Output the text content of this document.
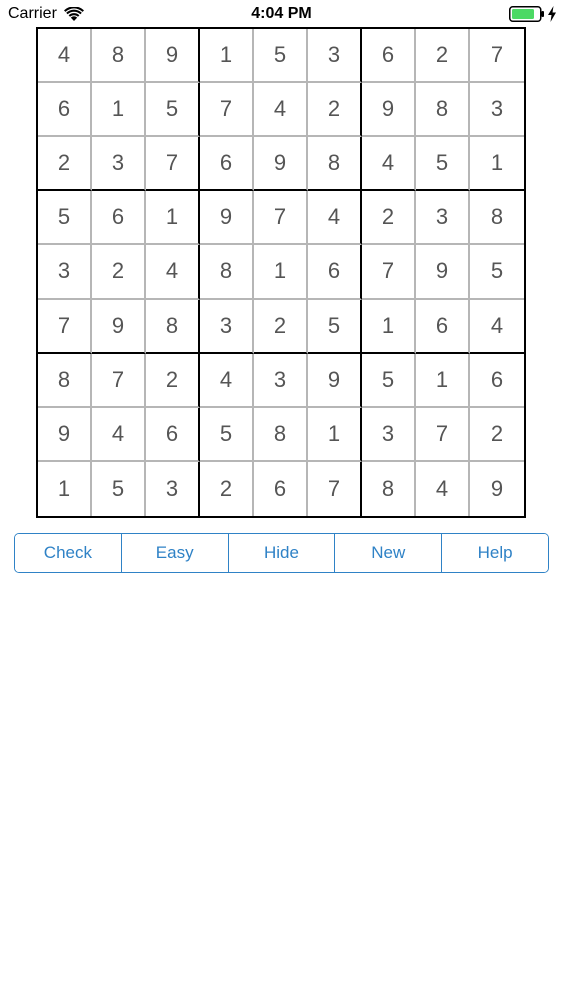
Carrier	4:04 PM
4	8	9	1	5	3	6	2	7
6	1	5	7	4	2	9	8	3
2	3	7	6	9	8	4	5	1
5	6	1	9	7	4	2	3	8
3	2	4	8	1	6	7	9	5
7	9	8	3	2	5	1	6	4
8	7	2	4	3	9	5	1	6
9	4	6	5	8	1	3	7	2
1	5	3	2	6	7	8	4	9
Check	Easy	Hide	New	Help
